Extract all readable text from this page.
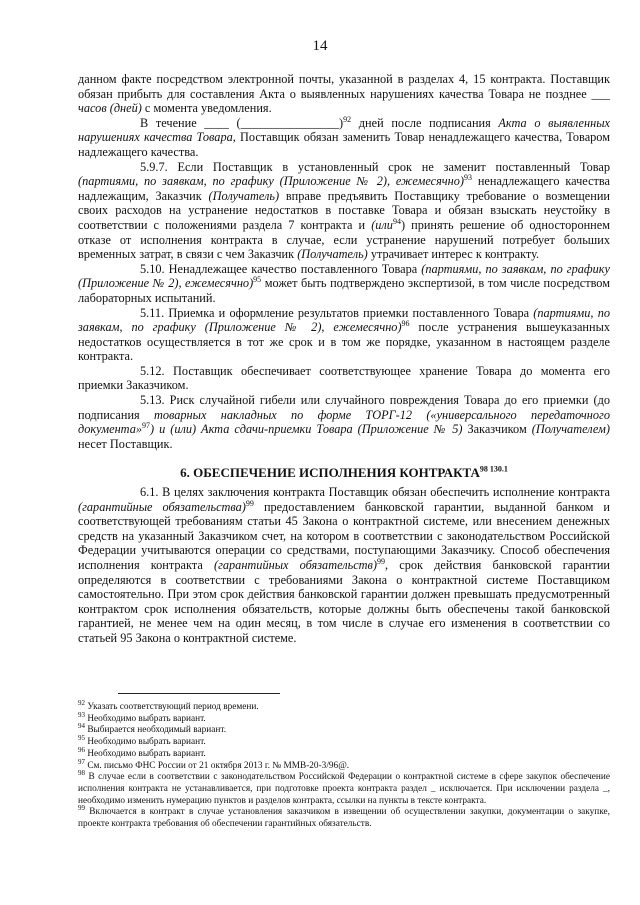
14

данном факте посредством электронной почты, указанной в разделах 4, 15 контракта. Поставщик обязан прибыть для составления Акта о выявленных нарушениях качества Товара не позднее ___ часов (дней) с момента уведомления.

В течение ____ (________________)$^{92}$ дней после подписания Акта о выявленных нарушениях качества Товара, Поставщик обязан заменить Товар ненадлежащего качества, Товаром надлежащего качества.

5.9.7. Если Поставщик в установленный срок не заменит поставленный Товар (партиями, по заявкам, по графику (Приложение № 2), ежемесячно)$^{93}$ ненадлежащего качества надлежащим, Заказчик (Получатель) вправе предъявить Поставщику требование о возмещении своих расходов на устранение недостатков в поставке Товара и обязан взыскать неустойку в соответствии с положениями раздела 7 контракта и (или$^{94}$) принять решение об одностороннем отказе от исполнения контракта в случае, если устранение нарушений потребует больших временных затрат, в связи с чем Заказчик (Получатель) утрачивает интерес к контракту.

5.10. Ненадлежащее качество поставленного Товара (партиями, по заявкам, по графику (Приложение № 2), ежемесячно)$^{95}$ может быть подтверждено экспертизой, в том числе посредством лабораторных испытаний.

5.11. Приемка и оформление результатов приемки поставленного Товара (партиями, по заявкам, по графику (Приложение № 2), ежемесячно)$^{96}$ после устранения вышеуказанных недостатков осуществляется в тот же срок и в том же порядке, указанном в настоящем разделе контракта.

5.12. Поставщик обеспечивает соответствующее хранение Товара до момента его приемки Заказчиком.

5.13. Риск случайной гибели или случайного повреждения Товара до его приемки (до подписания товарных накладных по форме ТОРГ-12 («универсального передаточного документа»$^{97}$) и (или) Акта сдачи-приемки Товара (Приложение № 5) Заказчиком (Получателем) несет Поставщик.

6. ОБЕСПЕЧЕНИЕ ИСПОЛНЕНИЯ $КОНТРАКТА^{98 130.1}$

6.1. В целях заключения контракта Поставщик обязан обеспечить исполнение контракта (гарантийные обязательства)$^{99}$ предоставлением банковской гарантии, выданной банком и соответствующей требованиям статьи 45 Закона о контрактной системе, или внесением денежных средств на указанный Заказчиком счет, на котором в соответствии с законодательством Российской Федерации учитываются операции со средствами, поступающими Заказчику. Способ обеспечения исполнения контракта (гарантийных обязательств)$^{99}$, срок действия банковской гарантии определяются в соответствии с требованиями Закона о контрактной системе Поставщиком самостоятельно. При этом срок действия банковской гарантии должен превышать предусмотренный контрактом срок исполнения обязательств, которые должны быть обеспечены такой банковской гарантией, не менее чем на один месяц, в том числе в случае его изменения в соответствии со статьей 95 Закона о контрактной системе.

$^{92}$ Указать соответствующий период времени.

$^{93}$ Необходимо выбрать вариант.

$^{94}$ Выбирается необходимый вариант.

$^{95}$ Необходимо выбрать вариант.

$^{96}$ Необходимо выбрать вариант.

$^{97}$ См. письмо ФНС России от 21 октября 2013 г. № ММВ-20-3/96@.

$^{98}$ В случае если в соответствии с законодательством Российской Федерации о контрактной системе в сфере закупок обеспечение исполнения контракта не устанавливается, при подготовке проекта контракта раздел _ исключается. При исключении раздела _, необходимо изменить нумерацию пунктов и разделов контракта, ссылки на пункты в тексте контракта.

$^{99}$ Включается в контракт в случае установления заказчиком в извещении об осуществлении закупки, документации о закупке, проекте контракта требования об обеспечении гарантийных обязательств.
